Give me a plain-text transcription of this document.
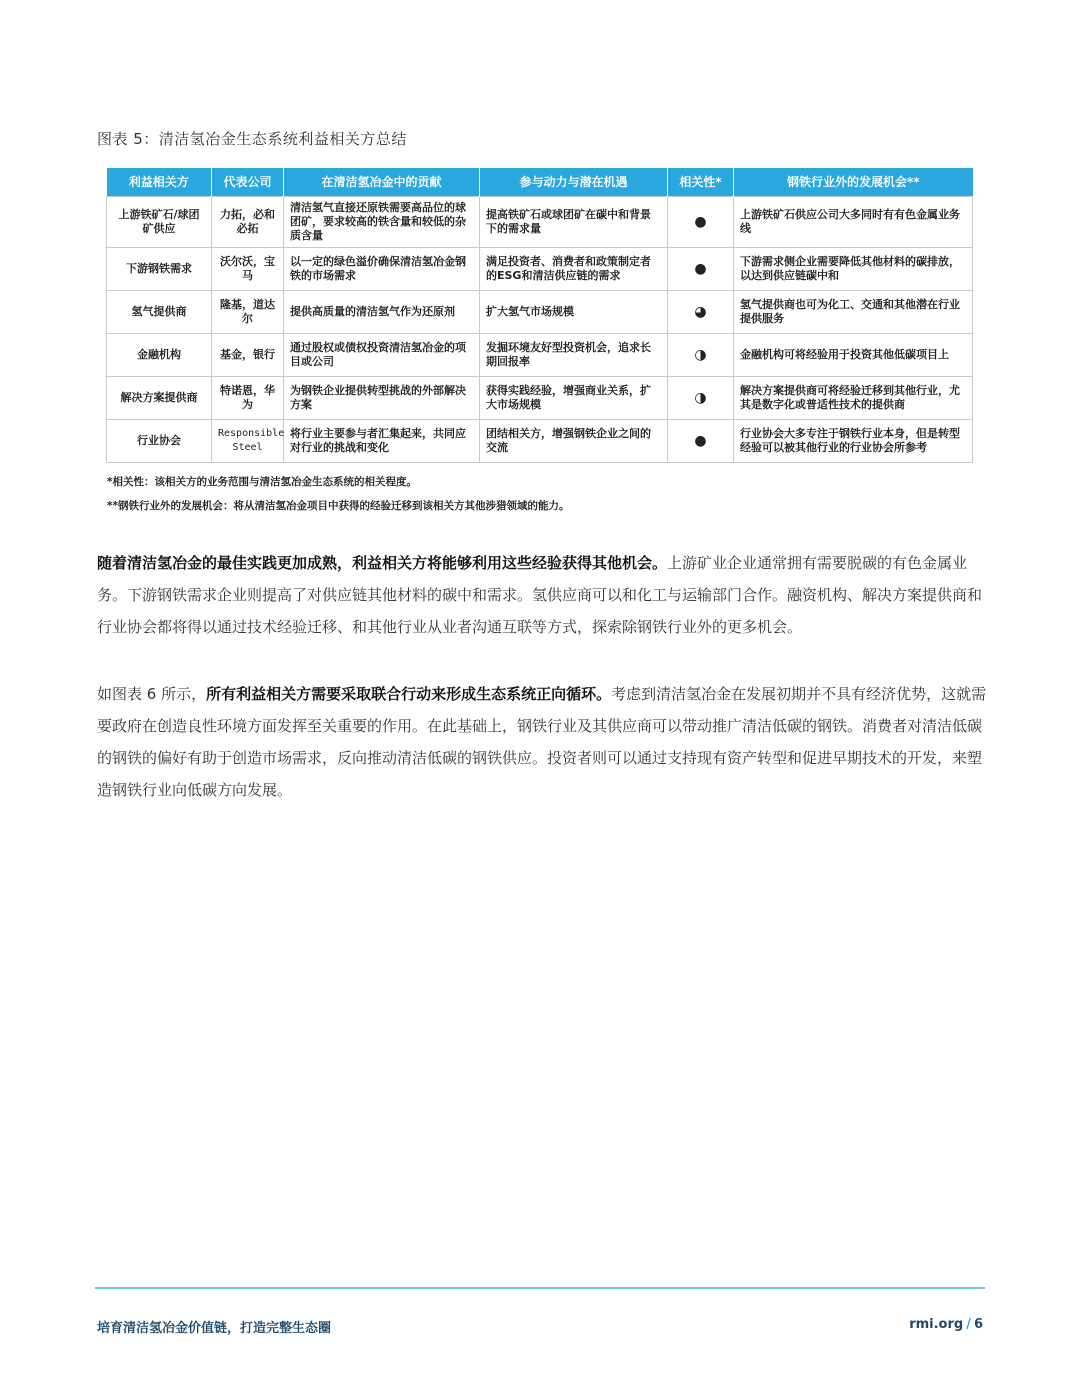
图表 5：清洁氢冶金生态系统利益相关方总结
利益相关方	代表公司	在清洁氢冶金中的贡献	参与动力与潜在机遇	相关性*	钢铁行业外的发展机会**
上游铁矿石/球团矿供应	力拓，必和必拓	清洁氢气直接还原铁需要高品位的球团矿，要求较高的铁含量和较低的杂质含量	提高铁矿石或球团矿在碳中和背景下的需求量	●	上游铁矿石供应公司大多同时有有色金属业务线
下游钢铁需求	沃尔沃，宝马	以一定的绿色溢价确保清洁氢冶金钢铁的市场需求	满足投资者、消费者和政策制定者的ESG和清洁供应链的需求	●	下游需求侧企业需要降低其他材料的碳排放，以达到供应链碳中和
氢气提供商	隆基，道达尔	提供高质量的清洁氢气作为还原剂	扩大氢气市场规模	◕	氢气提供商也可为化工、交通和其他潜在行业提供服务
金融机构	基金，银行	通过股权或债权投资清洁氢冶金的项目或公司	发掘环境友好型投资机会，追求长期回报率	◑	金融机构可将经验用于投资其他低碳项目上
解决方案提供商	特诺恩，华为	为钢铁企业提供转型挑战的外部解决方案	获得实践经验，增强商业关系，扩大市场规模	◑	解决方案提供商可将经验迁移到其他行业，尤其是数字化或普适性技术的提供商
行业协会	Responsible Steel	将行业主要参与者汇集起来，共同应对行业的挑战和变化	团结相关方，增强钢铁企业之间的交流	●	行业协会大多专注于钢铁行业本身，但是转型经验可以被其他行业的行业协会所参考
*相关性：该相关方的业务范围与清洁氢冶金生态系统的相关程度。
**钢铁行业外的发展机会：将从清洁氢冶金项目中获得的经验迁移到该相关方其他涉猎领域的能力。
随着清洁氢冶金的最佳实践更加成熟，利益相关方将能够利用这些经验获得其他机会。上游矿业企业通常拥有需要脱碳的有色金属业务。下游钢铁需求企业则提高了对供应链其他材料的碳中和需求。氢供应商可以和化工与运输部门合作。融资机构、解决方案提供商和行业协会都将得以通过技术经验迁移、和其他行业从业者沟通互联等方式，探索除钢铁行业外的更多机会。
如图表 6 所示，所有利益相关方需要采取联合行动来形成生态系统正向循环。考虑到清洁氢冶金在发展初期并不具有经济优势，这就需要政府在创造良性环境方面发挥至关重要的作用。在此基础上，钢铁行业及其供应商可以带动推广清洁低碳的钢铁。消费者对清洁低碳的钢铁的偏好有助于创造市场需求，反向推动清洁低碳的钢铁供应。投资者则可以通过支持现有资产转型和促进早期技术的开发，来塑造钢铁行业向低碳方向发展。
培育清洁氢冶金价值链，打造完整生态圈	rmi.org / 6
